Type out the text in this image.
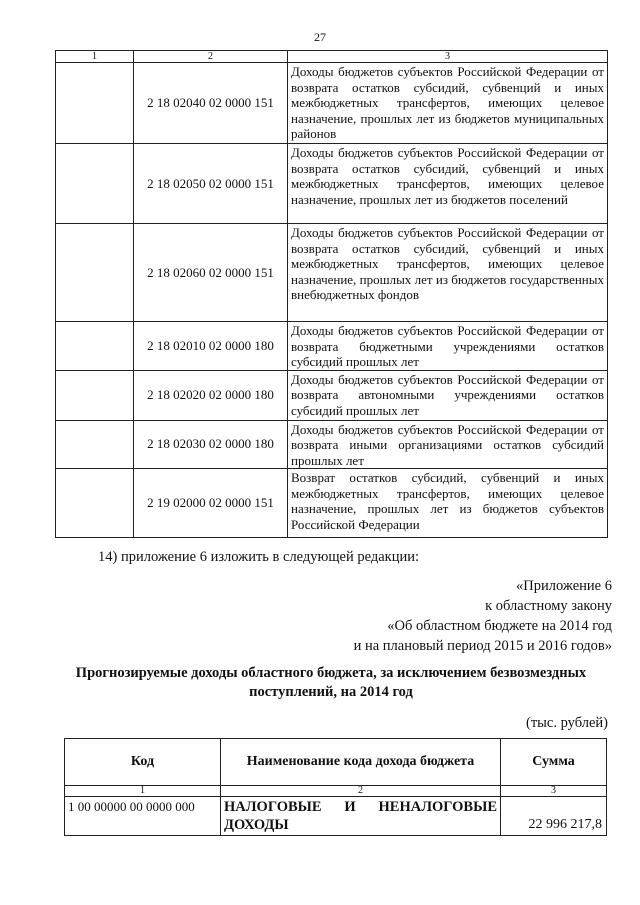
27
1	2	3
	2 18 02040 02 0000 151	Доходы бюджетов субъектов Российской Федерации от возврата остатков субсидий, субвенций и иных межбюджетных трансфертов, имеющих целевое назначение, прошлых лет из бюджетов муниципальных районов
	2 18 02050 02 0000 151	Доходы бюджетов субъектов Российской Федерации от возврата остатков субсидий, субвенций и иных межбюджетных трансфертов, имеющих целевое назначение, прошлых лет из бюджетов поселений
	2 18 02060 02 0000 151	Доходы бюджетов субъектов Российской Федерации от возврата остатков субсидий, субвенций и иных межбюджетных трансфертов, имеющих целевое назначение, прошлых лет из бюджетов государственных внебюджетных фондов
	2 18 02010 02 0000 180	Доходы бюджетов субъектов Российской Федерации от возврата бюджетными учреждениями остатков субсидий прошлых лет
	2 18 02020 02 0000 180	Доходы бюджетов субъектов Российской Федерации от возврата автономными учреждениями остатков субсидий прошлых лет
	2 18 02030 02 0000 180	Доходы бюджетов субъектов Российской Федерации от возврата иными организациями остатков субсидий прошлых лет
	2 19 02000 02 0000 151	Возврат остатков субсидий, субвенций и иных межбюджетных трансфертов, имеющих целевое назначение, прошлых лет из бюджетов субъектов Российской Федерации
14) приложение 6 изложить в следующей редакции:
«Приложение 6
к областному закону
«Об областном бюджете на 2014 год
и на плановый период 2015 и 2016 годов»
Прогнозируемые доходы областного бюджета, за исключением безвозмездных поступлений, на 2014 год
(тыс. рублей)
Код	Наименование кода дохода бюджета	Сумма
1	2	3
1 00 00000 00 0000 000	НАЛОГОВЫЕ И НЕНАЛОГОВЫЕ ДОХОДЫ	22 996 217,8
